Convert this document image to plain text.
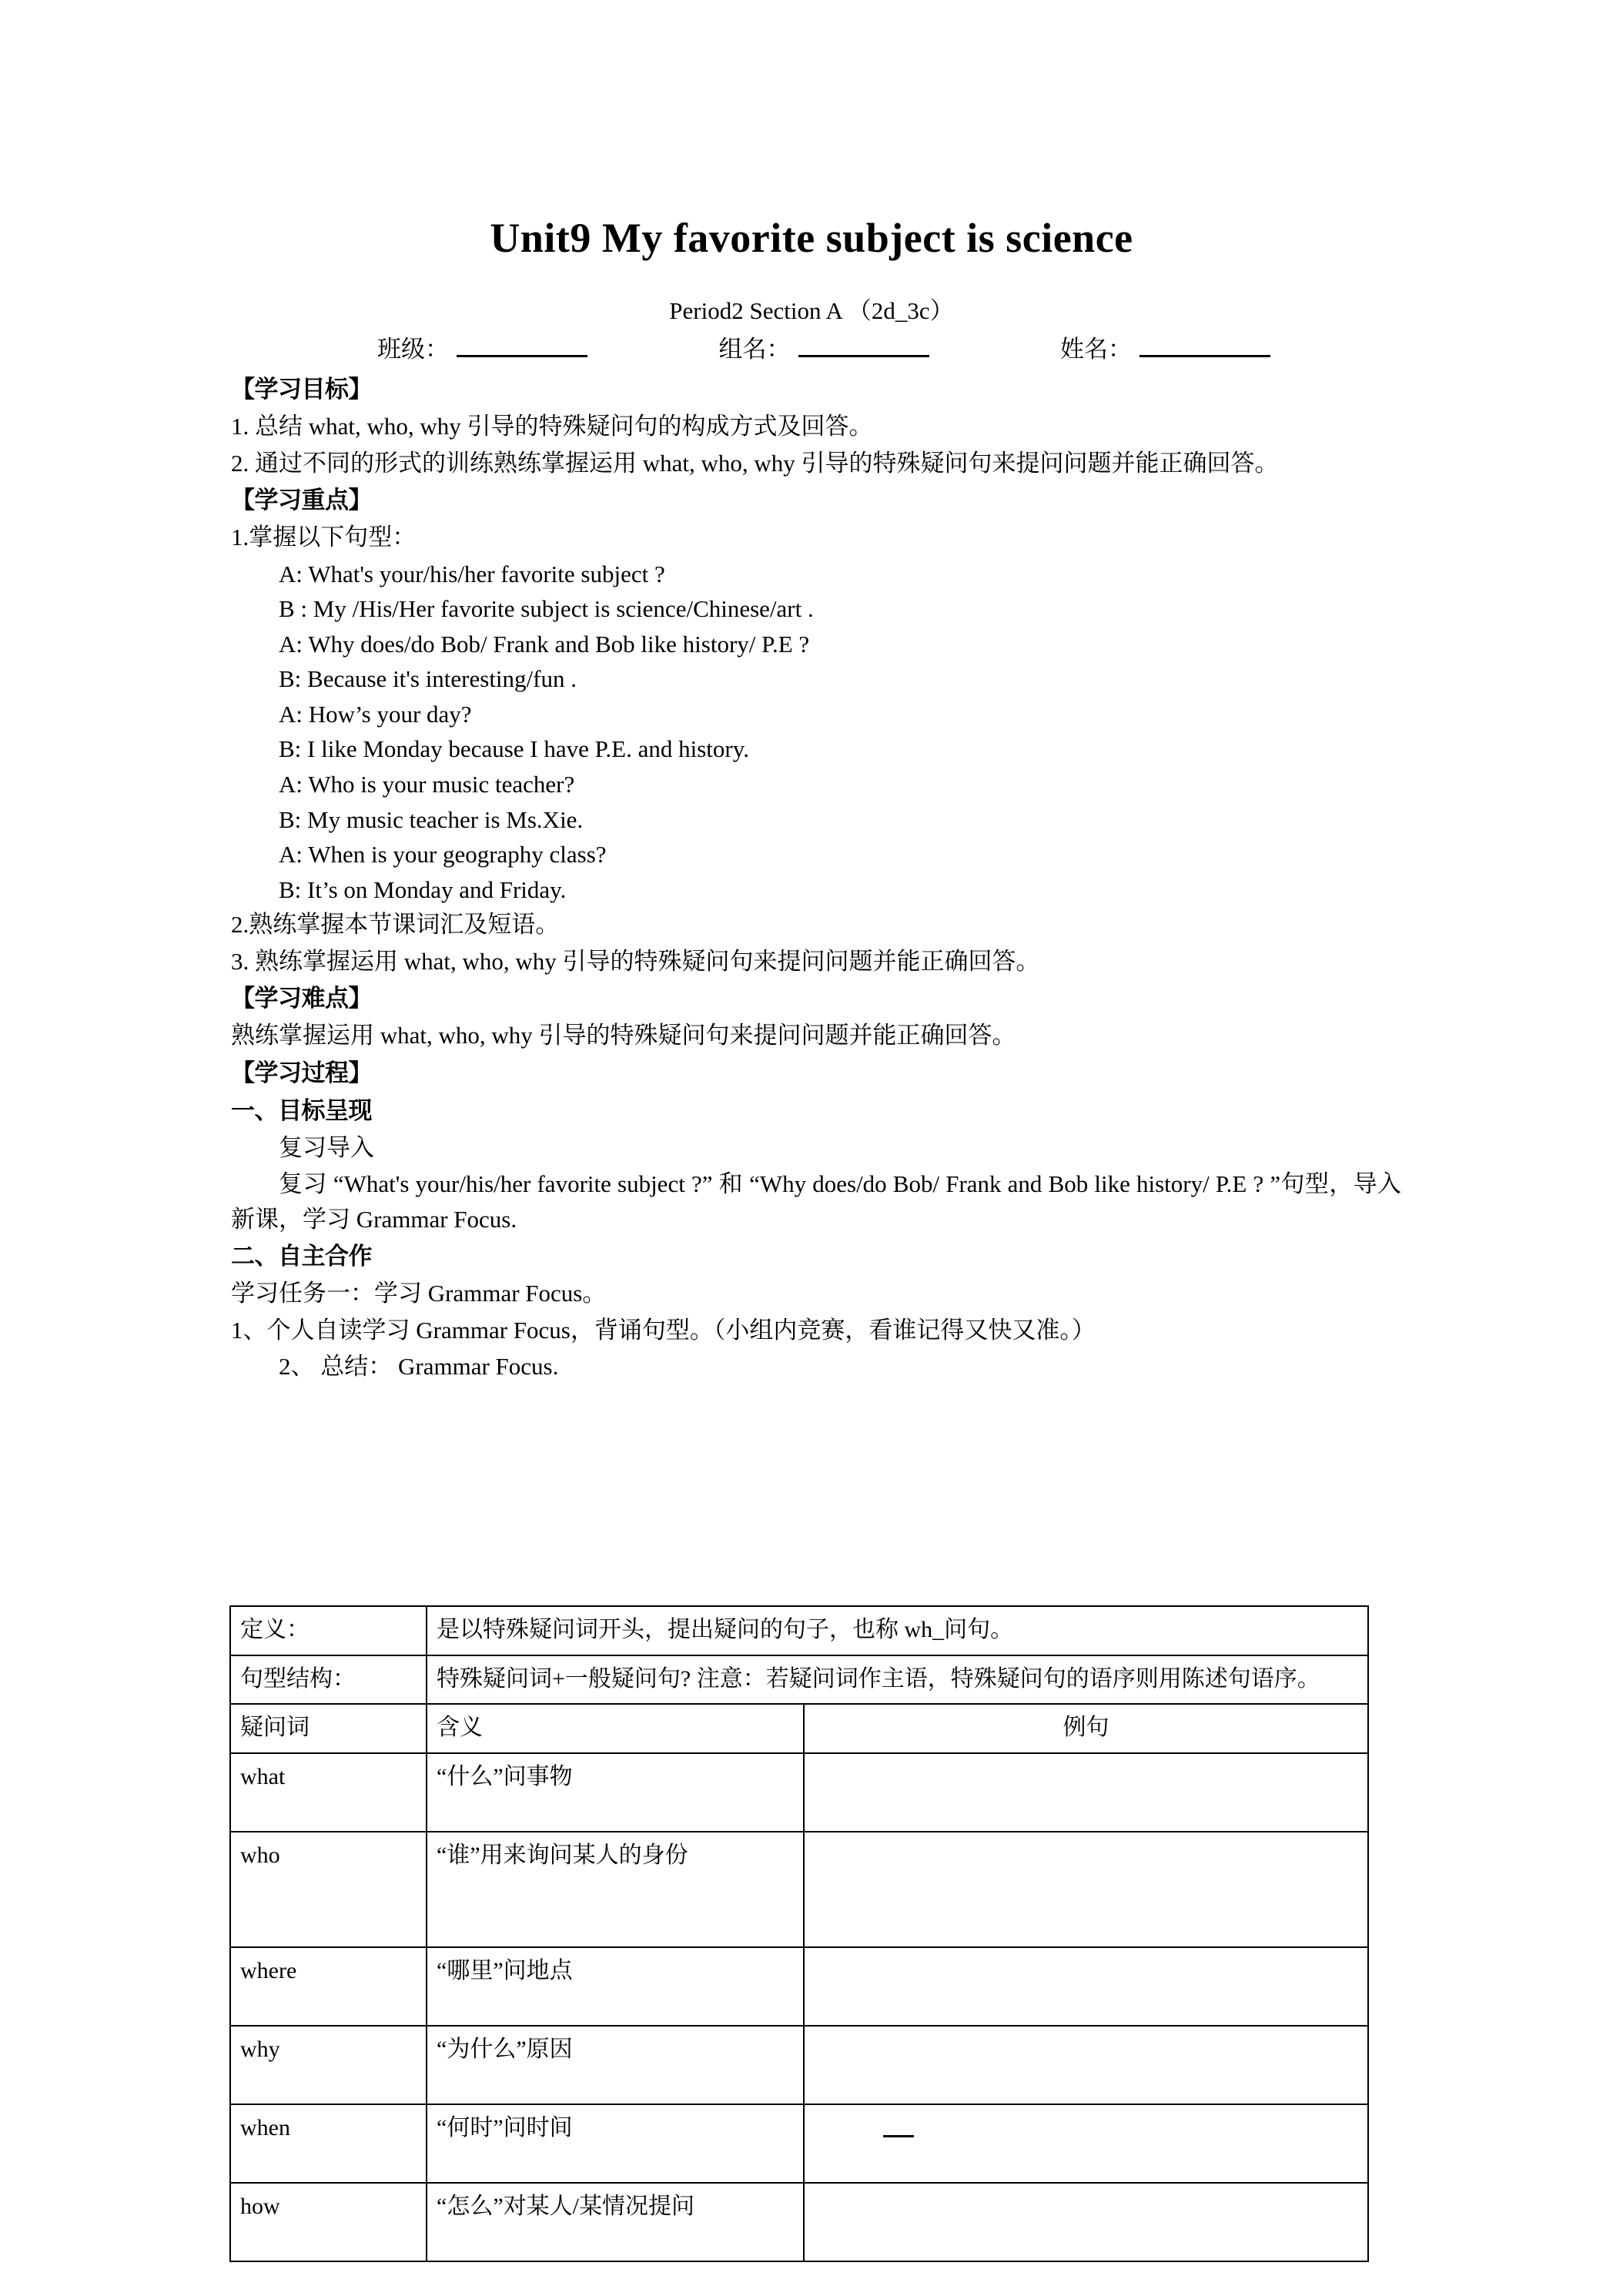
Unit9 My favorite subject is science
Period2 Section A （2d_3c）
班级：	组名：	姓名：
【学习目标】

1. 总结 what, who, why 引导的特殊疑问句的构成方式及回答。

2. 通过不同的形式的训练熟练掌握运用 what, who, why 引导的特殊疑问句来提问问题并能正确回答。

【学习重点】

1.掌握以下句型：

A: What's your/his/her favorite subject ?

B : My /His/Her favorite subject is science/Chinese/art .

A: Why does/do Bob/ Frank and Bob like history/ P.E ?

B: Because it's interesting/fun .

A: How’s your day?

B: I like Monday because I have P.E. and history.

A: Who is your music teacher?

B: My music teacher is Ms.Xie.

A: When is your geography class?

B: It’s on Monday and Friday.

2.熟练掌握本节课词汇及短语。

3. 熟练掌握运用 what, who, why 引导的特殊疑问句来提问问题并能正确回答。

【学习难点】

熟练掌握运用 what, who, why 引导的特殊疑问句来提问问题并能正确回答。

【学习过程】
一、目标呈现

复习导入

复习 “What's your/his/her favorite subject ?” 和 “Why does/do Bob/ Frank and Bob like history/ P.E ? ”句型，导入新课，学习 Grammar Focus.

二、自主合作

学习任务一：学习 Grammar Focus。

1、个人自读学习 Grammar Focus，背诵句型。（小组内竞赛，看谁记得又快又准。）

2、 总结： Grammar Focus.

定义：	是以特殊疑问词开头，提出疑问的句子，也称 wh_问句。	
句型结构：	特殊疑问词+一般疑问句? 注意：若疑问词作主语，特殊疑问句的语序则用陈述句语序。	
疑问词	含义	例句
what	“什么”问事物	
who	“谁”用来询问某人的身份	
where	“哪里”问地点	
why	“为什么”原因	
when	“何时”问时间	
how	“怎么”对某人/某情况提问	
